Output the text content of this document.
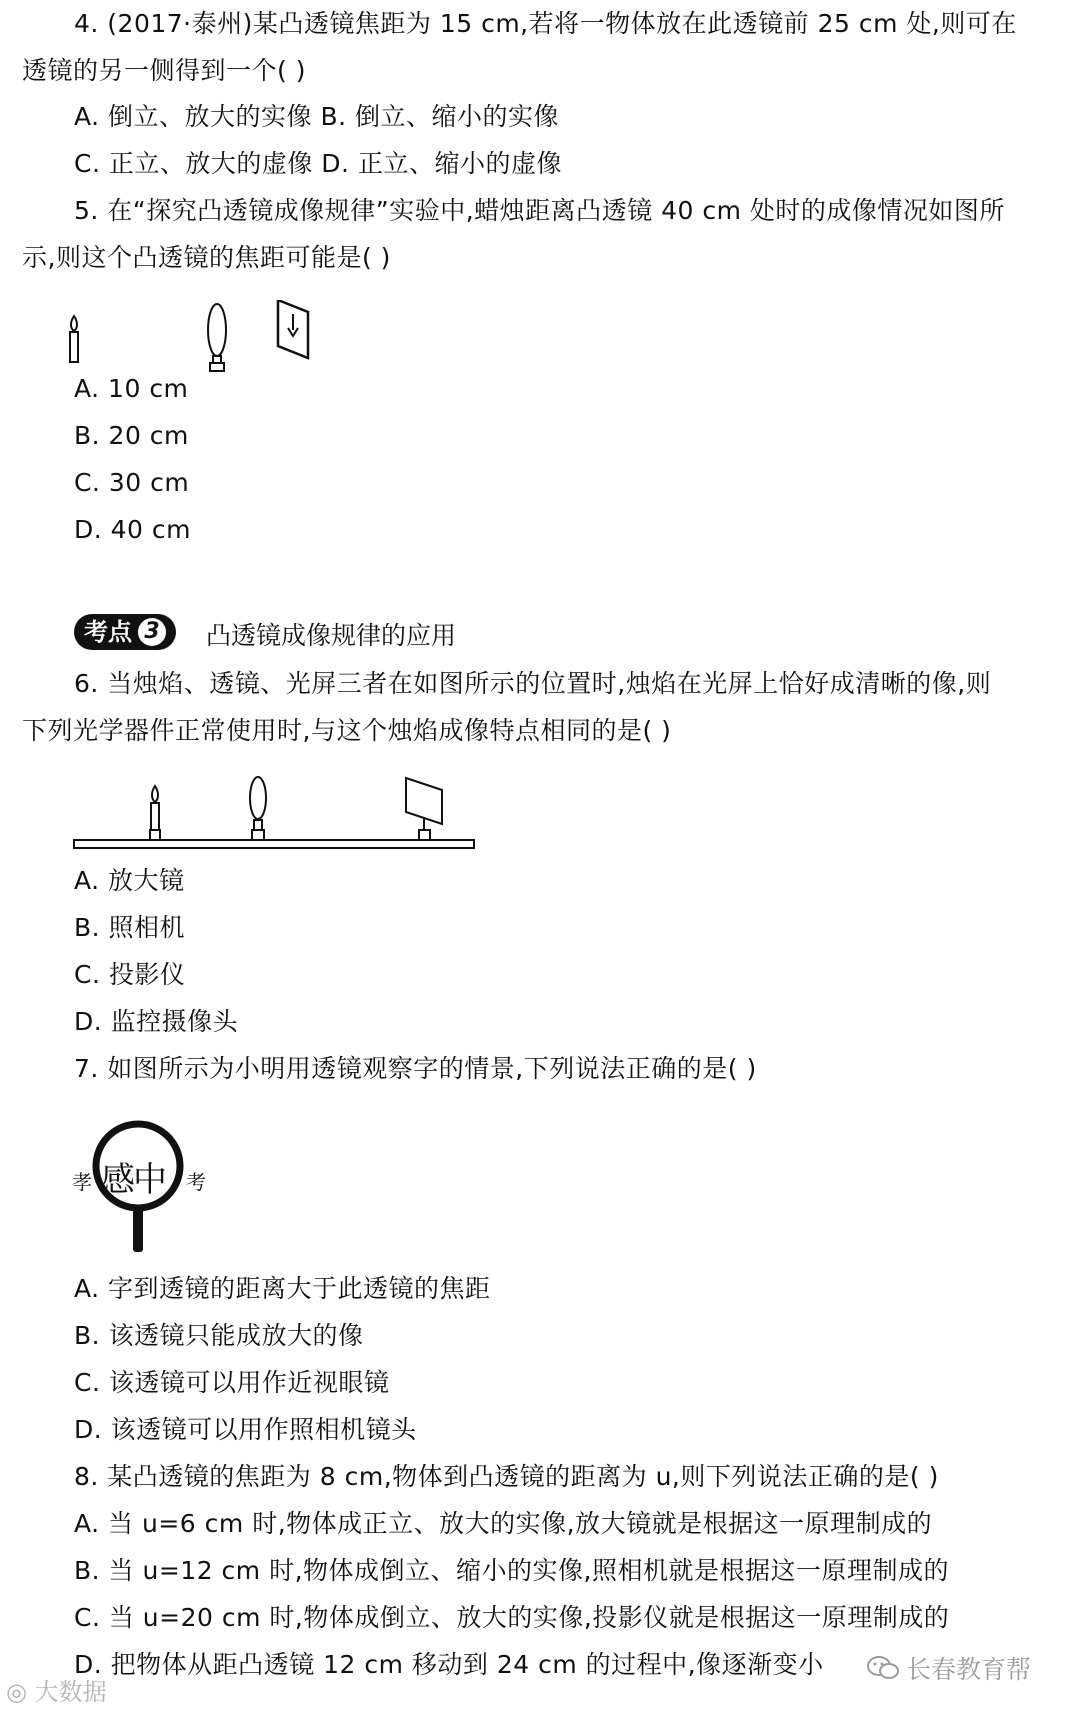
4. (2017·泰州)某凸透镜焦距为 15 cm,若将一物体放在此透镜前 25 cm 处,则可在
透镜的另一侧得到一个( )
A. 倒立、放大的实像 B. 倒立、缩小的实像
C. 正立、放大的虚像 D. 正立、缩小的虚像
5. 在“探究凸透镜成像规律”实验中,蜡烛距离凸透镜 40 cm 处时的成像情况如图所
示,则这个凸透镜的焦距可能是( )
A. 10 cm
B. 20 cm
C. 30 cm
D. 40 cm
考点 3 凸透镜成像规律的应用
6. 当烛焰、透镜、光屏三者在如图所示的位置时,烛焰在光屏上恰好成清晰的像,则
下列光学器件正常使用时,与这个烛焰成像特点相同的是( )
A. 放大镜
B. 照相机
C. 投影仪
D. 监控摄像头
7. 如图所示为小明用透镜观察字的情景,下列说法正确的是( )
孝	考
感中
A. 字到透镜的距离大于此透镜的焦距
B. 该透镜只能成放大的像
C. 该透镜可以用作近视眼镜
D. 该透镜可以用作照相机镜头
8. 某凸透镜的焦距为 8 cm,物体到凸透镜的距离为 u,则下列说法正确的是( )
A. 当 u=6 cm 时,物体成正立、放大的实像,放大镜就是根据这一原理制成的
B. 当 u=12 cm 时,物体成倒立、缩小的实像,照相机就是根据这一原理制成的
C. 当 u=20 cm 时,物体成倒立、放大的实像,投影仪就是根据这一原理制成的
D. 把物体从距凸透镜 12 cm 移动到 24 cm 的过程中,像逐渐变小
◎ 大数据
长春教育帮
